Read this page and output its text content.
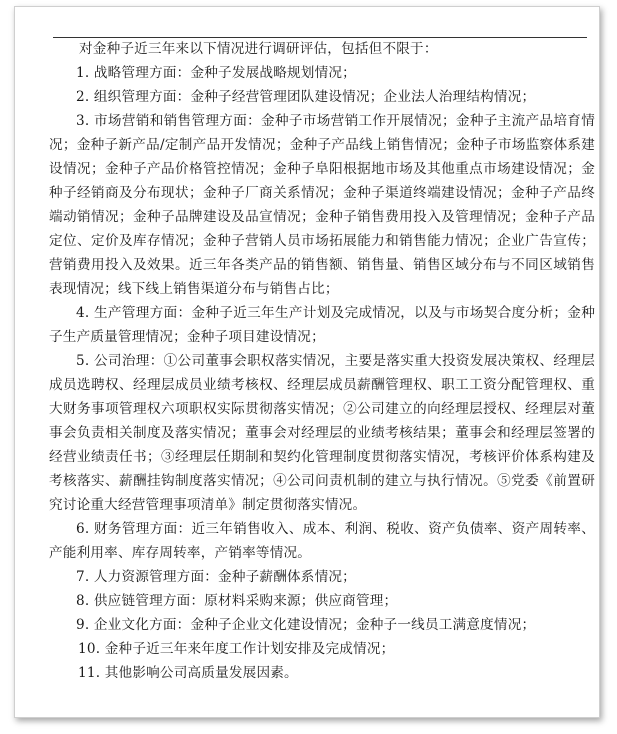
对金种子近三年来以下情况进行调研评估，包括但不限于：

1. 战略管理方面：金种子发展战略规划情况；

2. 组织管理方面：金种子经营管理团队建设情况；企业法人治理结构情况；

3. 市场营销和销售管理方面：金种子市场营销工作开展情况；金种子主流产品培育情况；金种子新产品/定制产品开发情况；金种子产品线上销售情况；金种子市场监察体系建设情况；金种子产品价格管控情况；金种子阜阳根据地市场及其他重点市场建设情况；金种子经销商及分布现状；金种子厂商关系情况；金种子渠道终端建设情况；金种子产品终端动销情况；金种子品牌建设及品宣情况；金种子销售费用投入及管理情况；金种子产品定位、定价及库存情况；金种子营销人员市场拓展能力和销售能力情况；企业广告宣传；营销费用投入及效果。近三年各类产品的销售额、销售量、销售区域分布与不同区域销售表现情况；线下线上销售渠道分布与销售占比；

4. 生产管理方面：金种子近三年生产计划及完成情况，以及与市场契合度分析；金种子生产质量管理情况；金种子项目建设情况；

5. 公司治理：①公司董事会职权落实情况，主要是落实重大投资发展决策权、经理层成员选聘权、经理层成员业绩考核权、经理层成员薪酬管理权、职工工资分配管理权、重大财务事项管理权六项职权实际贯彻落实情况；②公司建立的向经理层授权、经理层对董事会负责相关制度及落实情况；董事会对经理层的业绩考核结果；董事会和经理层签署的经营业绩责任书；③经理层任期制和契约化管理制度贯彻落实情况，考核评价体系构建及考核落实、薪酬挂钩制度落实情况；④公司问责机制的建立与执行情况。⑤党委《前置研究讨论重大经营管理事项清单》制定贯彻落实情况。

6. 财务管理方面：近三年销售收入、成本、利润、税收、资产负债率、资产周转率、产能利用率、库存周转率，产销率等情况。

7. 人力资源管理方面：金种子薪酬体系情况；

8. 供应链管理方面：原材料采购来源；供应商管理；

9. 企业文化方面：金种子企业文化建设情况；金种子一线员工满意度情况；

10. 金种子近三年来年度工作计划安排及完成情况；

11. 其他影响公司高质量发展因素。
